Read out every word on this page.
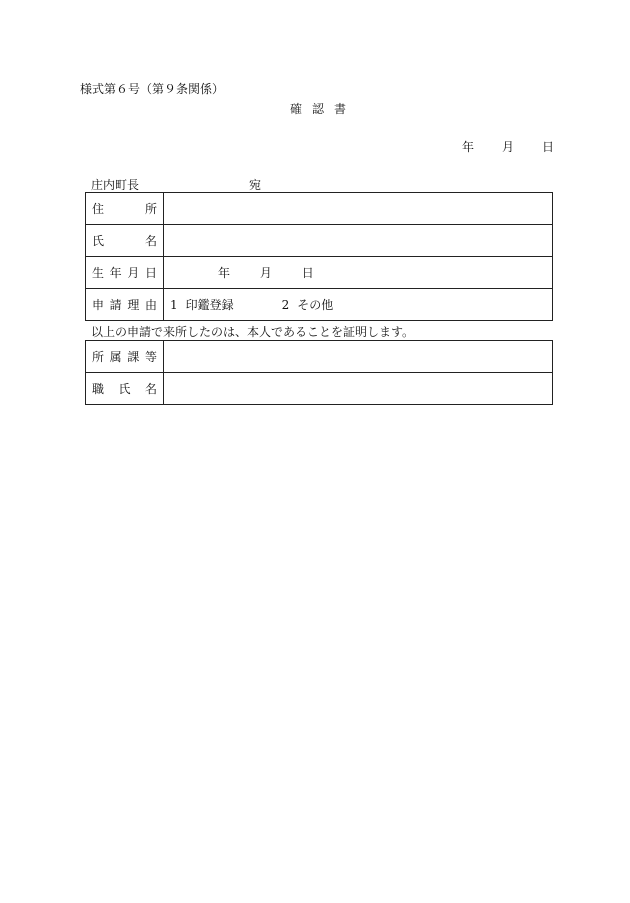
様式第６号（第９条関係）
確認書
年 月 日
庄内町長	宛
住 所	

氏 名	

生 年 月 日	年 月 日

申 請 理 由	1 印鑑登録 2 その他
以上の申請で来所したのは、本人であることを証明します。
所 属 課 等	

職 氏 名	
